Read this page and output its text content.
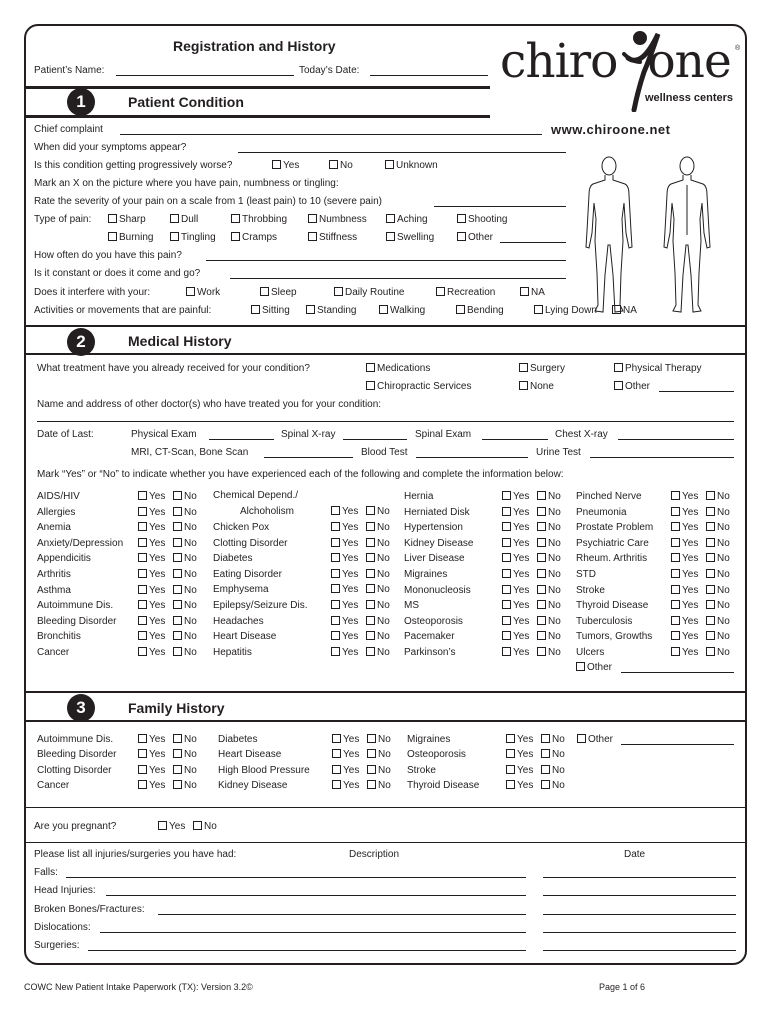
Registration and History
Patient’s Name:	Today’s Date:	chiro one ®
wellness centers
www.chiroone.net
1	Patient Condition
Chief complaint
When did your symptoms appear?
Is this condition getting progressively worse?	Yes	No	Unknown
Mark an X on the picture where you have pain, numbness or tingling:
Rate the severity of your pain on a scale from 1 (least pain) to 10 (severe pain)
Type of pain:	Sharp	Dull	Throbbing	Numbness	Aching	Shooting
Burning	Tingling	Cramps	Stiffness	Swelling	Other
How often do you have this pain?
Is it constant or does it come and go?
Does it interfere with your:	Work	Sleep	Daily Routine	Recreation	NA
Activities or movements that are painful:	Sitting	Standing	Walking	Bending	Lying Down	NA
2	Medical History
What treatment have you already received for your condition?	Medications	Surgery	Physical Therapy
Chiropractic Services	None	Other
Name and address of other doctor(s) who have treated you for your condition:
Date of Last:	Physical Exam	Spinal X-ray	Spinal Exam	Chest X-ray
MRI, CT-Scan, Bone Scan	Blood Test	Urine Test
Mark “Yes” or “No” to indicate whether you have experienced each of the following and complete the information below:
AIDS/HIV	Yes	No
Allergies	Yes	No
Anemia	Yes	No
Anxiety/Depression	Yes	No
Appendicitis	Yes	No
Arthritis	Yes	No
Asthma	Yes	No
Autoimmune Dis.	Yes	No
Bleeding Disorder	Yes	No
Bronchitis	Yes	No
Cancer	Yes	No
Chemical Depend./
Alchoholism	Yes	No
Chicken Pox	Yes	No
Clotting Disorder	Yes	No
Diabetes	Yes	No
Eating Disorder	Yes	No
Emphysema	Yes	No
Epilepsy/Seizure Dis.	Yes	No
Headaches	Yes	No
Heart Disease	Yes	No
Hepatitis	Yes	No
Hernia	Yes	No
Herniated Disk	Yes	No
Hypertension	Yes	No
Kidney Disease	Yes	No
Liver Disease	Yes	No
Migraines	Yes	No
Mononucleosis	Yes	No
MS	Yes	No
Osteoporosis	Yes	No
Pacemaker	Yes	No
Parkinson’s	Yes	No
Pinched Nerve	Yes	No
Pneumonia	Yes	No
Prostate Problem	Yes	No
Psychiatric Care	Yes	No
Rheum. Arthritis	Yes	No
STD	Yes	No
Stroke	Yes	No
Thyroid Disease	Yes	No
Tuberculosis	Yes	No
Tumors, Growths	Yes	No
Ulcers	Yes	No
Other
3	Family History
Autoimmune Dis.	Yes	No
Bleeding Disorder	Yes	No
Clotting Disorder	Yes	No
Cancer	Yes	No
Diabetes	Yes	No
Heart Disease	Yes	No
High Blood Pressure	Yes	No
Kidney Disease	Yes	No
Migraines	Yes	No
Osteoporosis	Yes	No
Stroke	Yes	No
Thyroid Disease	Yes	No
Other
Are you pregnant?	Yes	No
Please list all injuries/surgeries you have had:	Description	Date
Falls:
Head Injuries:
Broken Bones/Fractures:
Dislocations:
Surgeries:
COWC New Patient Intake Paperwork (TX): Version 3.2©	Page 1 of 6
